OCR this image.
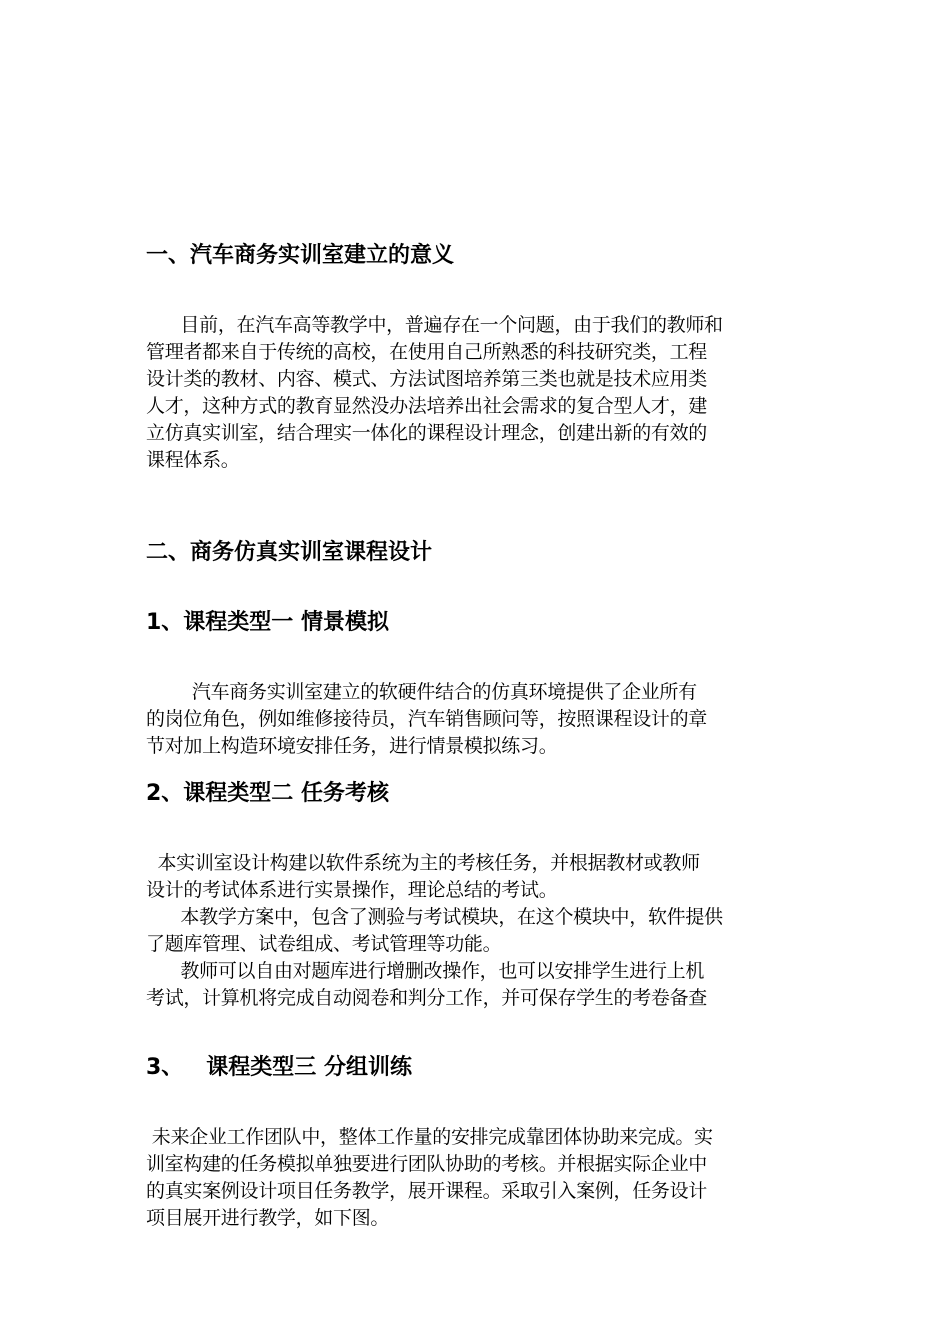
一、汽车商务实训室建立的意义
目前，在汽车高等教学中，普遍存在一个问题，由于我们的教师和
管理者都来自于传统的高校，在使用自己所熟悉的科技研究类，工程
设计类的教材、内容、模式、方法试图培养第三类也就是技术应用类
人才，这种方式的教育显然没办法培养出社会需求的复合型人才，建
立仿真实训室，结合理实一体化的课程设计理念，创建出新的有效的
课程体系。
二、商务仿真实训室课程设计
1、课程类型一 情景模拟
汽车商务实训室建立的软硬件结合的仿真环境提供了企业所有
的岗位角色，例如维修接待员，汽车销售顾问等，按照课程设计的章
节对加上构造环境安排任务，进行情景模拟练习。
2、课程类型二 任务考核
本实训室设计构建以软件系统为主的考核任务，并根据教材或教师
设计的考试体系进行实景操作，理论总结的考试。
本教学方案中，包含了测验与考试模块，在这个模块中，软件提供
了题库管理、试卷组成、考试管理等功能。
教师可以自由对题库进行增删改操作，也可以安排学生进行上机
考试，计算机将完成自动阅卷和判分工作，并可保存学生的考卷备查
3、   课程类型三 分组训练
未来企业工作团队中，整体工作量的安排完成靠团体协助来完成。实
训室构建的任务模拟单独要进行团队协助的考核。并根据实际企业中
的真实案例设计项目任务教学，展开课程。采取引入案例，任务设计
项目展开进行教学，如下图。
